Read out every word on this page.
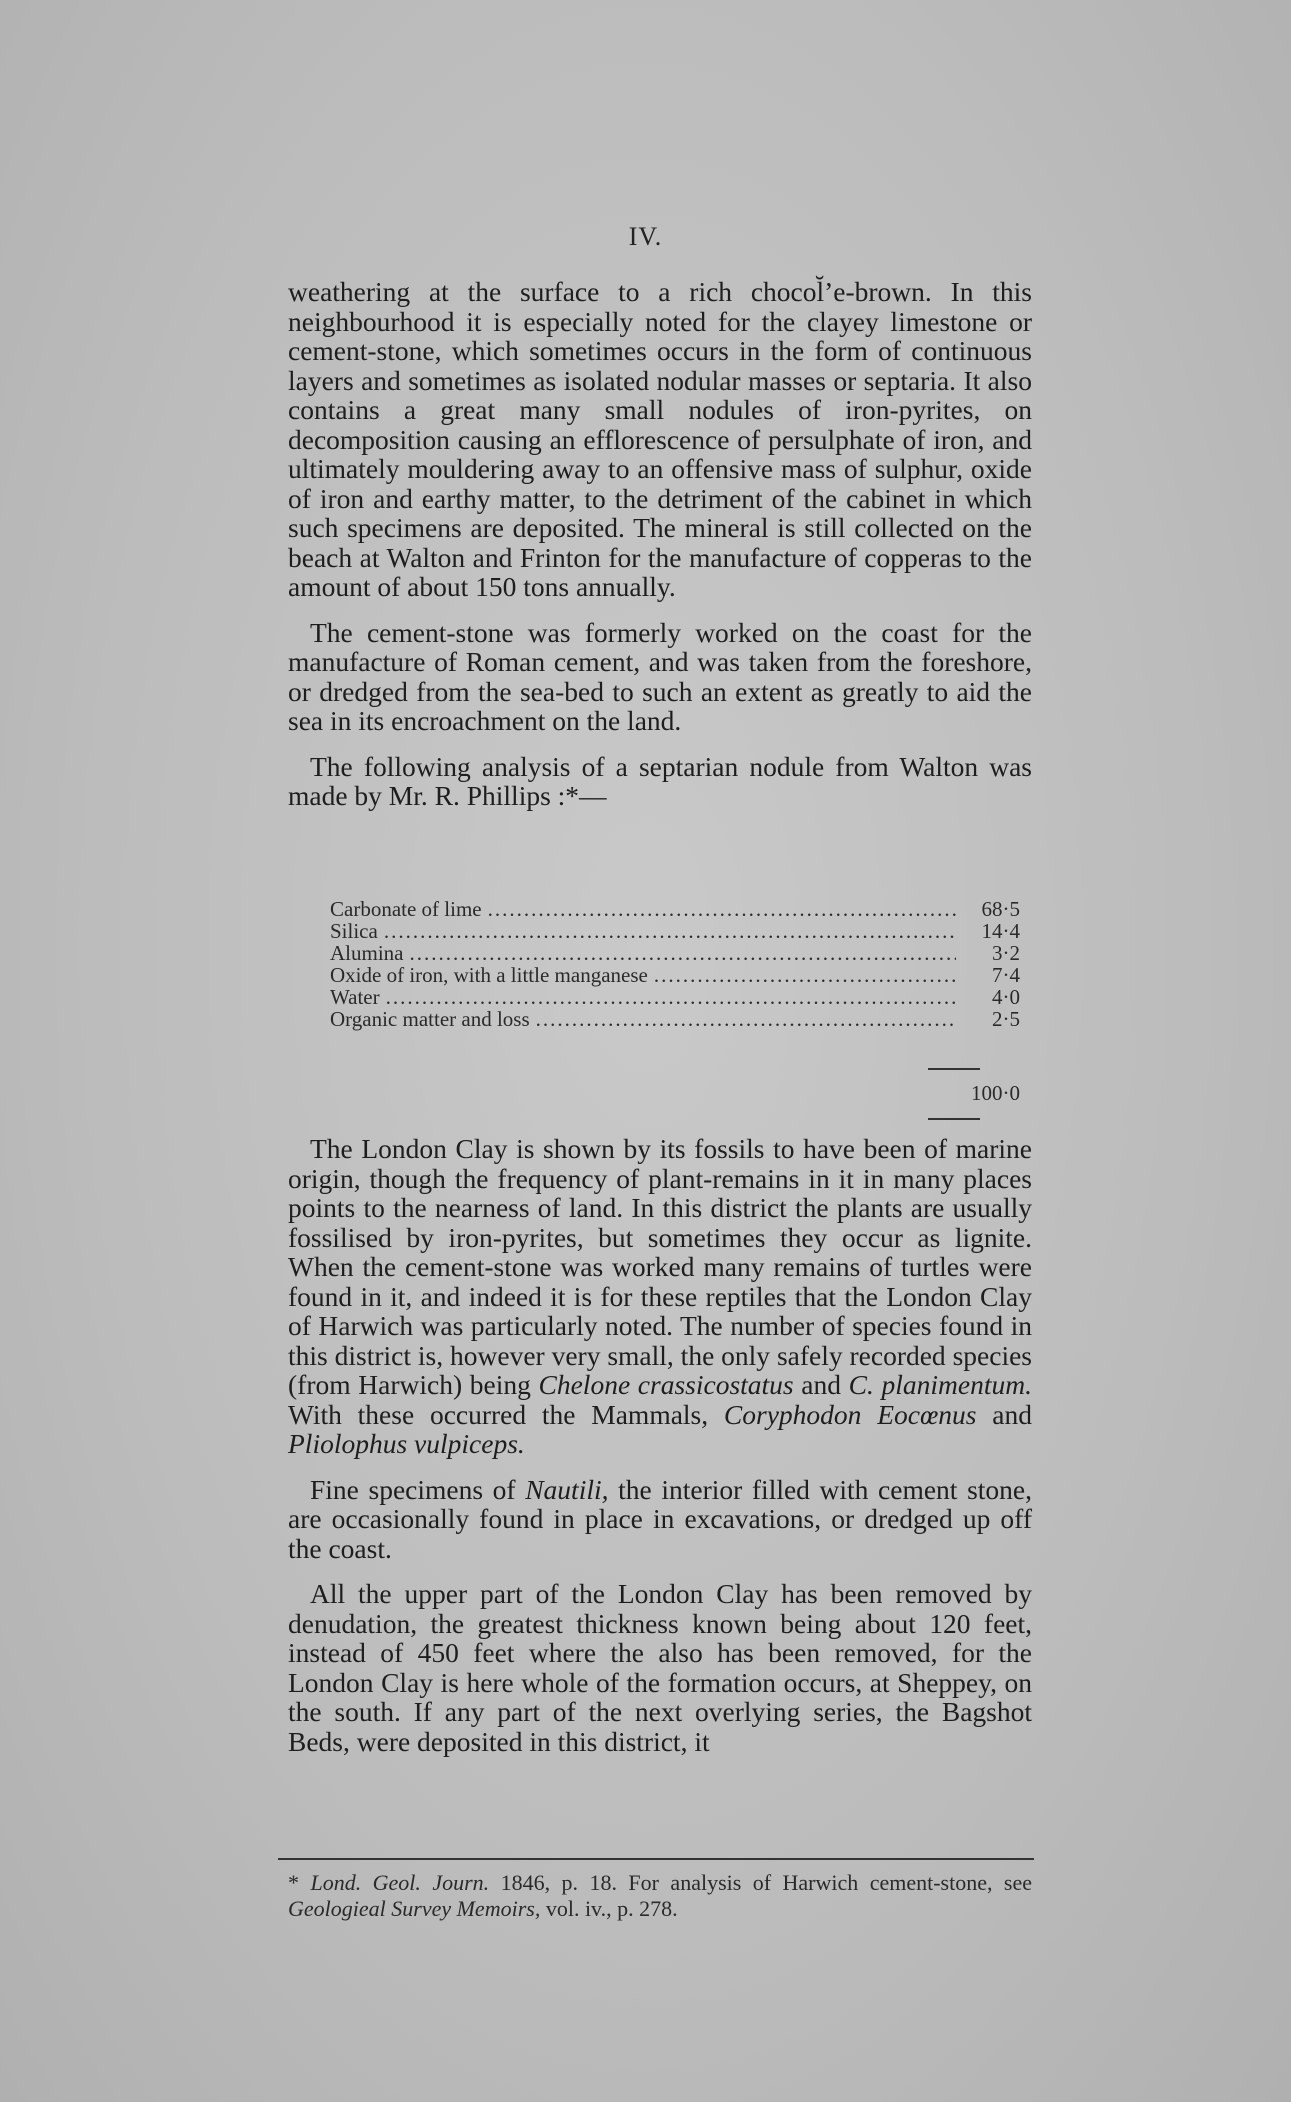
IV.

weathering at the surface to a rich chocol̆’e-brown. In this neighbourhood it is especially noted for the clayey limestone or cement-stone, which sometimes occurs in the form of continuous layers and sometimes as isolated nodular masses or septaria. It also contains a great many small nodules of iron-pyrites, on decomposition causing an efflorescence of persulphate of iron, and ultimately mouldering away to an offensive mass of sulphur, oxide of iron and earthy matter, to the detriment of the cabinet in which such specimens are deposited. The mineral is still collected on the beach at Walton and Frinton for the manufacture of copperas to the amount of about 150 tons annually.

The cement-stone was formerly worked on the coast for the manufacture of Roman cement, and was taken from the foreshore, or dredged from the sea-bed to such an extent as greatly to aid the sea in its encroachment on the land.

The following analysis of a septarian nodule from Walton was made by Mr. R. Phillips :*—

Carbonate of lime .....	68·5
Silica .....	14·4
Alumina .....	3·2
Oxide of iron, with a little manganese .....	7·4
Water .....	4·0
Organic matter and loss .....	2·5
100·0

The London Clay is shown by its fossils to have been of marine origin, though the frequency of plant-remains in it in many places points to the nearness of land. In this district the plants are usually fossilised by iron-pyrites, but sometimes they occur as lignite. When the cement-stone was worked many remains of turtles were found in it, and indeed it is for these reptiles that the London Clay of Harwich was particularly noted. The number of species found in this district is, however very small, the only safely recorded species (from Harwich) being Chelone crassicostatus and C. planimentum. With these occurred the Mammals, Coryphodon Eocœnus and Pliolophus vulpiceps.

Fine specimens of Nautili, the interior filled with cement stone, are occasionally found in place in excavations, or dredged up off the coast.

All the upper part of the London Clay has been removed by denudation, the greatest thickness known being about 120 feet, instead of 450 feet where the also has been removed, for the London Clay is here whole of the formation occurs, at Sheppey, on the south. If any part of the next overlying series, the Bagshot Beds, were deposited in this district, it

* Lond. Geol. Journ. 1846, p. 18. For analysis of Harwich cement-stone, see Geologieal Survey Memoirs, vol. iv., p. 278.
